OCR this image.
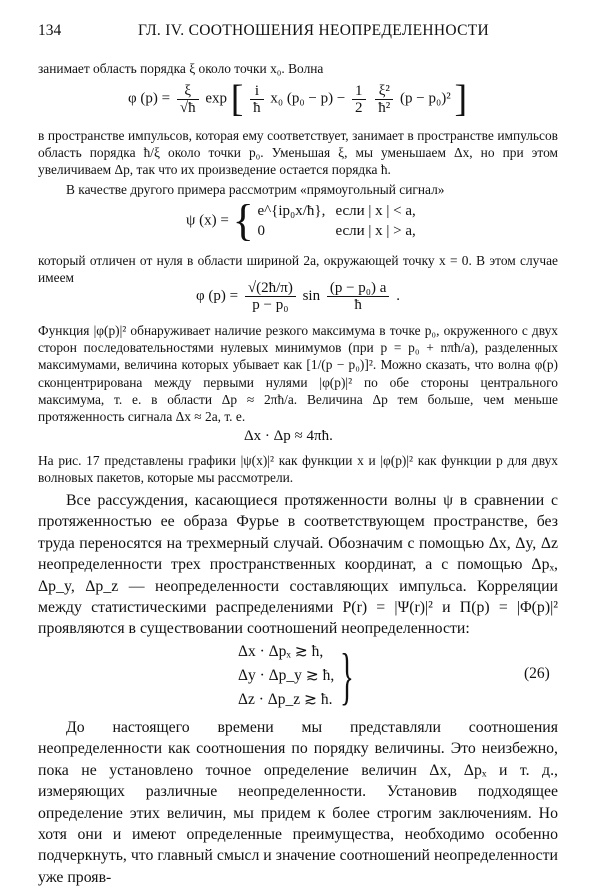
134	ГЛ. IV. СООТНОШЕНИЯ НЕОПРЕДЕЛЕННОСТИ
занимает область порядка ξ около точки x₀. Волна
φ $(p) = \frac{\xi}{√ħ}$ exp [ $\frac{i}{ħ} x_0$ $(p_0 - p) - \frac{1}{2}$
$\frac{\text{ξ²}}{\text{ħ²}} (p - p_0)^2$ ]
в пространстве импульсов, которая ему соответствует, занимает в пространстве импульсов область порядка ħ/ξ около точки p₀. Уменьшая ξ, мы уменьшаем Δx, но при этом увеличиваем Δp, так что их произведение остается порядка ħ.
В качестве другого примера рассмотрим «прямоугольный сигнал»
ψ (x) = { e^{ip₀x/ħ}, если | x | < a,
0	если | x | > a,
который отличен от нуля в области шириной 2a, окружающей точку x = 0. В этом случае имеем
φ $(p) = \frac{√(2ħ/\pi)}{\text{p − p₀}}$ $\sin \frac{\text{(p − p₀) a}}{ħ}$ .
Функция |φ(p)|² обнаруживает наличие резкого максимума в точке p₀, окруженного с двух сторон последовательностями нулевых минимумов (при p = p₀ + nπħ/a), разделенных максимумами, величина которых убывает как [1/(p − p₀)]². Можно сказать, что волна φ(p) сконцентрирована между первыми нулями |φ(p)|² по обе стороны центрального максимума, т. е. в области Δp ≈ 2πħ/a. Величина Δp тем больше, чем меньше протяженность сигнала Δx ≈ 2a, т. е.
Δx · Δp ≈ 4πħ.
На рис. 17 представлены графики |ψ(x)|² как функции x и |φ(p)|² как функции p для двух волновых пакетов, которые мы рассмотрели.
Все рассуждения, касающиеся протяженности волны ψ в сравнении с протяженностью ее образа Фурье в соответствующем пространстве, без труда переносятся на трехмерный случай. Обозначим с помощью Δx, Δy, Δz неопределенности трех пространственных координат, а с помощью Δpₓ, Δp_y, Δp_z — неопределенности составляющих импульса. Корреляции между статистическими распределениями P(r) = |Ψ(r)|² и Π(p) = |Φ(p)|² проявляются в существовании соотношений неопределенности:
Δx · Δpₓ ≳ ħ,
Δy · Δp_y ≳ ħ,
Δz · Δp_z ≳ ħ. }	(26)
До настоящего времени мы представляли соотношения неопределенности как соотношения по порядку величины. Это неизбежно, пока не установлено точное определение величин Δx, Δpₓ и т. д., измеряющих различные неопределенности. Установив подходящее определение этих величин, мы придем к более строгим заключениям. Но хотя они и имеют определенные преимущества, необходимо особенно подчеркнуть, что главный смысл и значение соотношений неопределенности уже прояв-
